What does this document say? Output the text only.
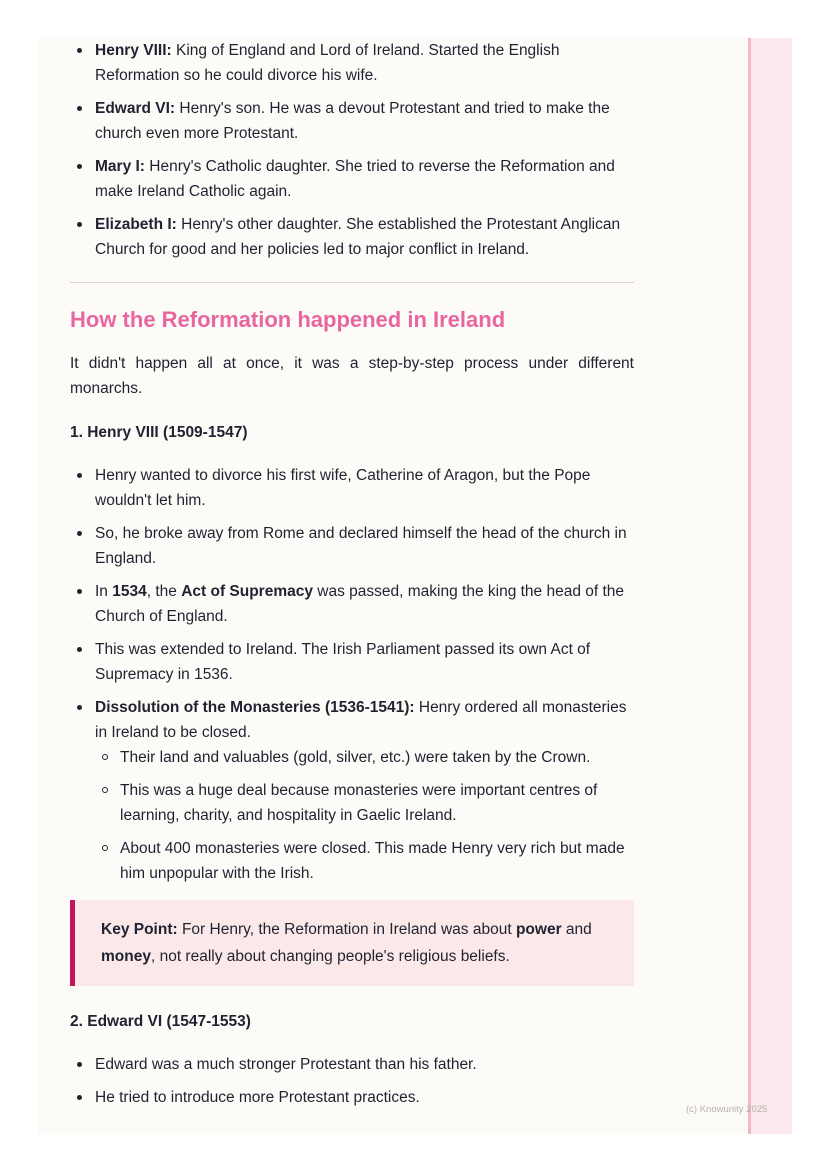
Henry VIII: King of England and Lord of Ireland. Started the English Reformation so he could divorce his wife.
Edward VI: Henry's son. He was a devout Protestant and tried to make the church even more Protestant.
Mary I: Henry's Catholic daughter. She tried to reverse the Reformation and make Ireland Catholic again.
Elizabeth I: Henry's other daughter. She established the Protestant Anglican Church for good and her policies led to major conflict in Ireland.
How the Reformation happened in Ireland

It didn't happen all at once, it was a step-by-step process under different monarchs.

1. Henry VIII (1509-1547)
Henry wanted to divorce his first wife, Catherine of Aragon, but the Pope wouldn't let him.
So, he broke away from Rome and declared himself the head of the church in England.
In 1534, the Act of Supremacy was passed, making the king the head of the Church of England.
This was extended to Ireland. The Irish Parliament passed its own Act of Supremacy in 1536.
Dissolution of the Monasteries (1536-1541): Henry ordered all monasteries in Ireland to be closed.
Their land and valuables (gold, silver, etc.) were taken by the Crown.
This was a huge deal because monasteries were important centres of learning, charity, and hospitality in Gaelic Ireland.
About 400 monasteries were closed. This made Henry very rich but made him unpopular with the Irish.
Key Point: For Henry, the Reformation in Ireland was about power and money, not really about changing people's religious beliefs.
2. Edward VI (1547-1553)
Edward was a much stronger Protestant than his father.
He tried to introduce more Protestant practices.
(c) Knowunity 2025
